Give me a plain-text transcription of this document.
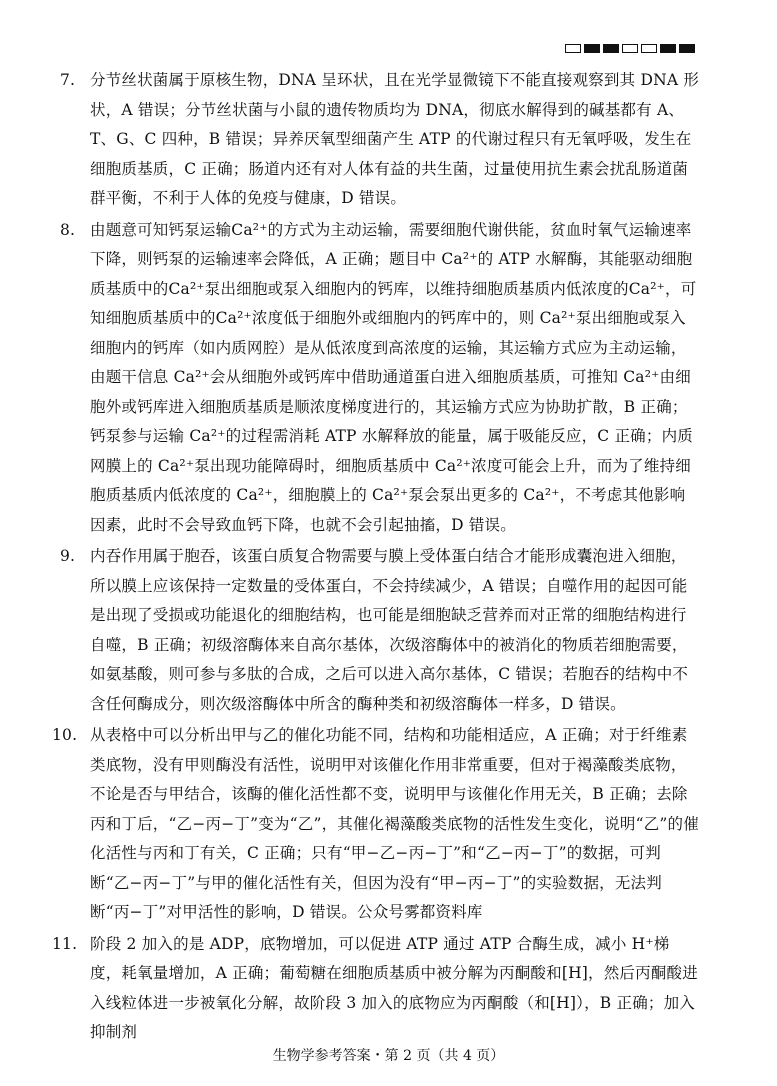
7. 分节丝状菌属于原核生物，DNA 呈环状，且在光学显微镜下不能直接观察到其 DNA 形状，A 错误；分节丝状菌与小鼠的遗传物质均为 DNA，彻底水解得到的碱基都有 A、T、G、C 四种，B 错误；异养厌氧型细菌产生 ATP 的代谢过程只有无氧呼吸，发生在细胞质基质，C 正确；肠道内还有对人体有益的共生菌，过量使用抗生素会扰乱肠道菌群平衡，不利于人体的免疫与健康，D 错误。
8. 由题意可知钙泵运输Ca²⁺的方式为主动运输，需要细胞代谢供能，贫血时氧气运输速率下降，则钙泵的运输速率会降低，A 正确；题目中 Ca²⁺的 ATP 水解酶，其能驱动细胞质基质中的Ca²⁺泵出细胞或泵入细胞内的钙库，以维持细胞质基质内低浓度的Ca²⁺，可知细胞质基质中的Ca²⁺浓度低于细胞外或细胞内的钙库中的，则 Ca²⁺泵出细胞或泵入细胞内的钙库（如内质网腔）是从低浓度到高浓度的运输，其运输方式应为主动运输，由题干信息 Ca²⁺会从细胞外或钙库中借助通道蛋白进入细胞质基质，可推知 Ca²⁺由细胞外或钙库进入细胞质基质是顺浓度梯度进行的，其运输方式应为协助扩散，B 正确；钙泵参与运输 Ca²⁺的过程需消耗 ATP 水解释放的能量，属于吸能反应，C 正确；内质网膜上的 Ca²⁺泵出现功能障碍时，细胞质基质中 Ca²⁺浓度可能会上升，而为了维持细胞质基质内低浓度的 Ca²⁺，细胞膜上的 Ca²⁺泵会泵出更多的 Ca²⁺，不考虑其他影响因素，此时不会导致血钙下降，也就不会引起抽搐，D 错误。
9. 内吞作用属于胞吞，该蛋白质复合物需要与膜上受体蛋白结合才能形成囊泡进入细胞，所以膜上应该保持一定数量的受体蛋白，不会持续减少，A 错误；自噬作用的起因可能是出现了受损或功能退化的细胞结构，也可能是细胞缺乏营养而对正常的细胞结构进行自噬，B 正确；初级溶酶体来自高尔基体，次级溶酶体中的被消化的物质若细胞需要，如氨基酸，则可参与多肽的合成，之后可以进入高尔基体，C 错误；若胞吞的结构中不含任何酶成分，则次级溶酶体中所含的酶种类和初级溶酶体一样多，D 错误。
10. 从表格中可以分析出甲与乙的催化功能不同，结构和功能相适应，A 正确；对于纤维素类底物，没有甲则酶没有活性，说明甲对该催化作用非常重要，但对于褐藻酸类底物，不论是否与甲结合，该酶的催化活性都不变，说明甲与该催化作用无关，B 正确；去除丙和丁后，“乙−丙−丁”变为“乙”，其催化褐藻酸类底物的活性发生变化，说明“乙”的催化活性与丙和丁有关，C 正确；只有“甲−乙−丙−丁”和“乙−丙−丁”的数据，可判断“乙−丙−丁”与甲的催化活性有关，但因为没有“甲−丙−丁”的实验数据，无法判断“丙−丁”对甲活性的影响，D 错误。公众号雾都资料库
11. 阶段 2 加入的是 ADP，底物增加，可以促进 ATP 通过 ATP 合酶生成，减小 H⁺梯度，耗氧量增加，A 正确；葡萄糖在细胞质基质中被分解为丙酮酸和[H]，然后丙酮酸进入线粒体进一步被氧化分解，故阶段 3 加入的底物应为丙酮酸（和[H]），B 正确；加入抑制剂
生物学参考答案・第 2 页（共 4 页）
